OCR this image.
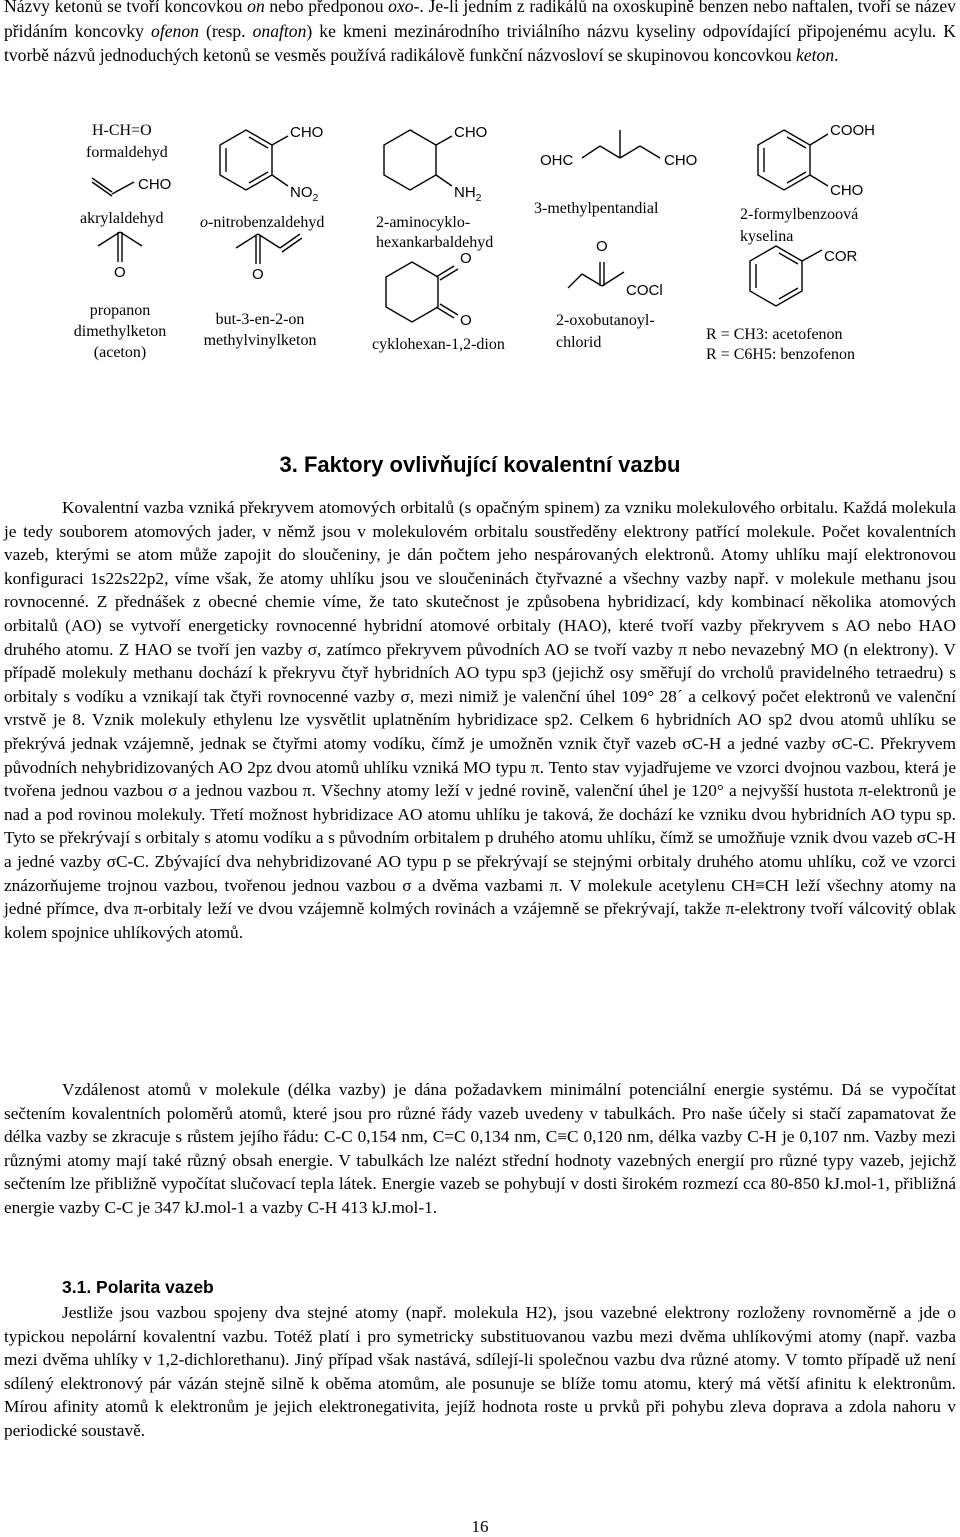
Názvy ketonů se tvoří koncovkou on nebo předponou oxo-. Je-li jedním z radikálů na oxoskupině benzen nebo naftalen, tvoří se název přidáním koncovky ofenon (resp. onafton) ke kmeni mezinárodního triviálního názvu kyseliny odpovídající připojenému acylu. K tvorbě názvů jednoduchých ketonů se vesměs používá radikálově funkční názvosloví se skupinovou koncovkou keton.

H-CH=O
formaldehyd
CHO
akrylaldehyd
O
propanon
dimethylketon
(aceton)
CHO
$NO_2$
o-nitrobenzaldehyd
O
but-3-en-2-on
methylvinylketon
CHO
$NH_2$
2-aminocyklo-
hexankarbaldehyd
O
O
cyklohexan-1,2-dion
OHC	CHO
3-methylpentandial
O
COCl
2-oxobutanoyl-
chlorid
COOH
CHO
2-formylbenzoová
kyselina
COR
R = CH3: acetofenon
R = C6H5: benzofenon
3. Faktory ovlivňující kovalentní vazbu

Kovalentní vazba vzniká překryvem atomových orbitalů (s opačným spinem) za vzniku molekulového orbitalu. Každá molekula je tedy souborem atomových jader, v němž jsou v molekulovém orbitalu soustředěny elektrony patřící molekule. Počet kovalentních vazeb, kterými se atom může zapojit do sloučeniny, je dán počtem jeho nespárovaných elektronů. Atomy uhlíku mají elektronovou konfiguraci 1s22s22p2, víme však, že atomy uhlíku jsou ve sloučeninách čtyřvazné a všechny vazby např. v molekule methanu jsou rovnocenné. Z přednášek z obecné chemie víme, že tato skutečnost je způsobena hybridizací, kdy kombinací několika atomových orbitalů (AO) se vytvoří energeticky rovnocenné hybridní atomové orbitaly (HAO), které tvoří vazby překryvem s AO nebo HAO druhého atomu. Z HAO se tvoří jen vazby σ, zatímco překryvem původních AO se tvoří vazby π nebo nevazebný MO (n elektrony). V případě molekuly methanu dochází k překryvu čtyř hybridních AO typu sp3 (jejichž osy směřují do vrcholů pravidelného tetraedru) s orbitaly s vodíku a vznikají tak čtyři rovnocenné vazby σ, mezi nimiž je valenční úhel 109° 28´ a celkový počet elektronů ve valenční vrstvě je 8. Vznik molekuly ethylenu lze vysvětlit uplatněním hybridizace sp2. Celkem 6 hybridních AO sp2 dvou atomů uhlíku se překrývá jednak vzájemně, jednak se čtyřmi atomy vodíku, čímž je umožněn vznik čtyř vazeb σC-H a jedné vazby σC-C. Překryvem původních nehybridizovaných AO 2pz dvou atomů uhlíku vzniká MO typu π. Tento stav vyjadřujeme ve vzorci dvojnou vazbou, která je tvořena jednou vazbou σ a jednou vazbou π. Všechny atomy leží v jedné rovině, valenční úhel je 120° a nejvyšší hustota π-elektronů je nad a pod rovinou molekuly. Třetí možnost hybridizace AO atomu uhlíku je taková, že dochází ke vzniku dvou hybridních AO typu sp. Tyto se překrývají s orbitaly s atomu vodíku a s původním orbitalem p druhého atomu uhlíku, čímž se umožňuje vznik dvou vazeb σC-H a jedné vazby σC-C. Zbývající dva nehybridizované AO typu p se překrývají se stejnými orbitaly druhého atomu uhlíku, což ve vzorci znázorňujeme trojnou vazbou, tvořenou jednou vazbou σ a dvěma vazbami π. V molekule acetylenu CH≡CH leží všechny atomy na jedné přímce, dva π-orbitaly leží ve dvou vzájemně kolmých rovinách a vzájemně se překrývají, takže π-elektrony tvoří válcovitý oblak kolem spojnice uhlíkových atomů.

Vzdálenost atomů v molekule (délka vazby) je dána požadavkem minimální potenciální energie systému. Dá se vypočítat sečtením kovalentních poloměrů atomů, které jsou pro různé řády vazeb uvedeny v tabulkách. Pro naše účely si stačí zapamatovat že délka vazby se zkracuje s růstem jejího řádu: C-C 0,154 nm, C=C 0,134 nm, C≡C 0,120 nm, délka vazby C-H je 0,107 nm. Vazby mezi různými atomy mají také různý obsah energie. V tabulkách lze nalézt střední hodnoty vazebných energií pro různé typy vazeb, jejichž sečtením lze přibližně vypočítat slučovací tepla látek. Energie vazeb se pohybují v dosti širokém rozmezí cca 80-850 kJ.mol-1, přibližná energie vazby C-C je 347 kJ.mol-1 a vazby C-H 413 kJ.mol-1.

3.1. Polarita vazeb

Jestliže jsou vazbou spojeny dva stejné atomy (např. molekula H2), jsou vazebné elektrony rozloženy rovnoměrně a jde o typickou nepolární kovalentní vazbu. Totéž platí i pro symetricky substituovanou vazbu mezi dvěma uhlíkovými atomy (např. vazba mezi dvěma uhlíky v 1,2-dichlorethanu). Jiný případ však nastává, sdílejí-li společnou vazbu dva různé atomy. V tomto případě už není sdílený elektronový pár vázán stejně silně k oběma atomům, ale posunuje se blíže tomu atomu, který má větší afinitu k elektronům. Mírou afinity atomů k elektronům je jejich elektronegativita, jejíž hodnota roste u prvků při pohybu zleva doprava a zdola nahoru v periodické soustavě.

16
